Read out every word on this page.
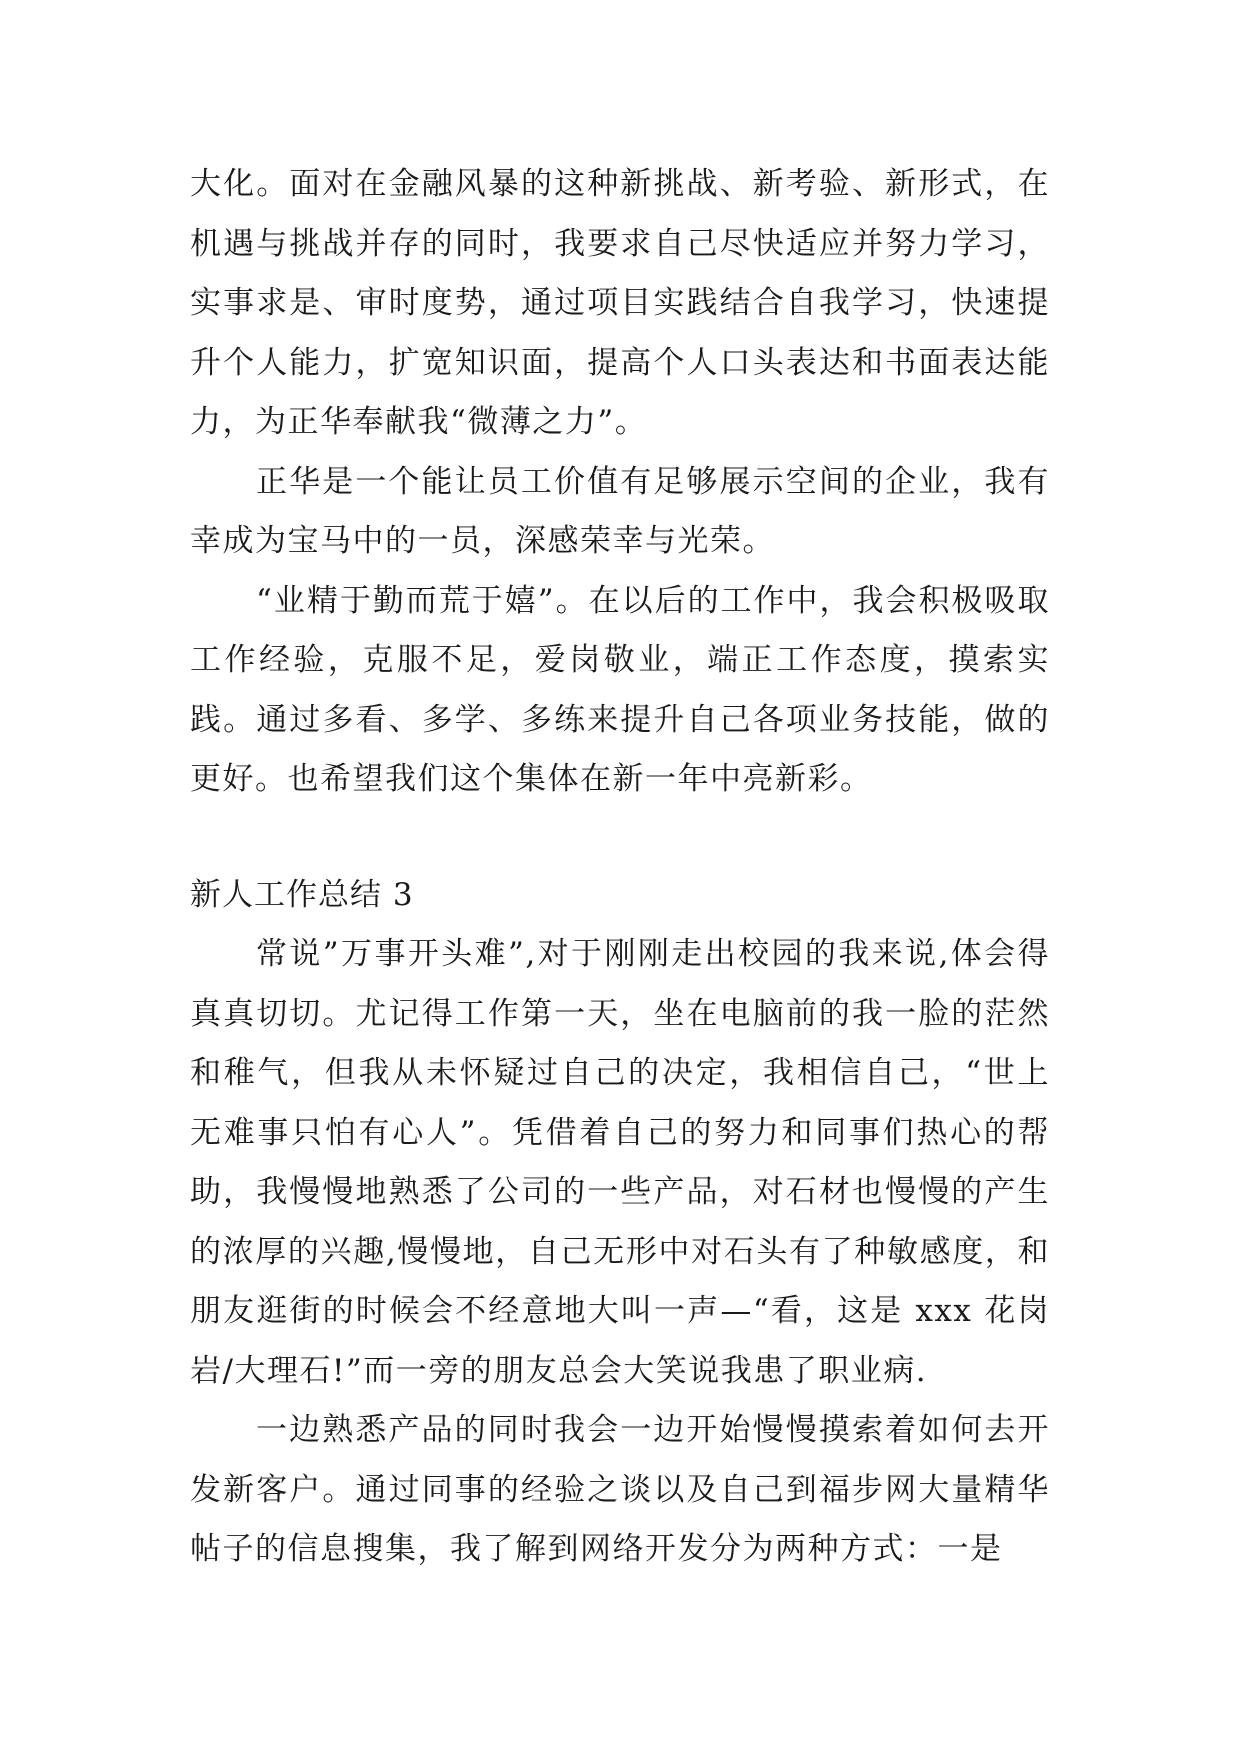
大化。面对在金融风暴的这种新挑战、新考验、新形式，在机遇与挑战并存的同时，我要求自己尽快适应并努力学习，实事求是、审时度势，通过项目实践结合自我学习，快速提升个人能力，扩宽知识面，提高个人口头表达和书面表达能力，为正华奉献我“微薄之力”。

正华是一个能让员工价值有足够展示空间的企业，我有幸成为宝马中的一员，深感荣幸与光荣。

“业精于勤而荒于嬉”。在以后的工作中，我会积极吸取工作经验，克服不足，爱岗敬业，端正工作态度，摸索实践。通过多看、多学、多练来提升自己各项业务技能，做的更好。也希望我们这个集体在新一年中亮新彩。

新人工作总结 3

常说”万事开头难”,对于刚刚走出校园的我来说,体会得真真切切。尤记得工作第一天，坐在电脑前的我一脸的茫然和稚气，但我从未怀疑过自己的决定，我相信自己，“世上无难事只怕有心人”。凭借着自己的努力和同事们热心的帮助，我慢慢地熟悉了公司的一些产品，对石材也慢慢的产生的浓厚的兴趣,慢慢地，自己无形中对石头有了种敏感度，和朋友逛街的时候会不经意地大叫一声—“看，这是 xxx 花岗岩/大理石!”而一旁的朋友总会大笑说我患了职业病.

一边熟悉产品的同时我会一边开始慢慢摸索着如何去开发新客户。通过同事的经验之谈以及自己到福步网大量精华帖子的信息搜集，我了解到网络开发分为两种方式：一是
